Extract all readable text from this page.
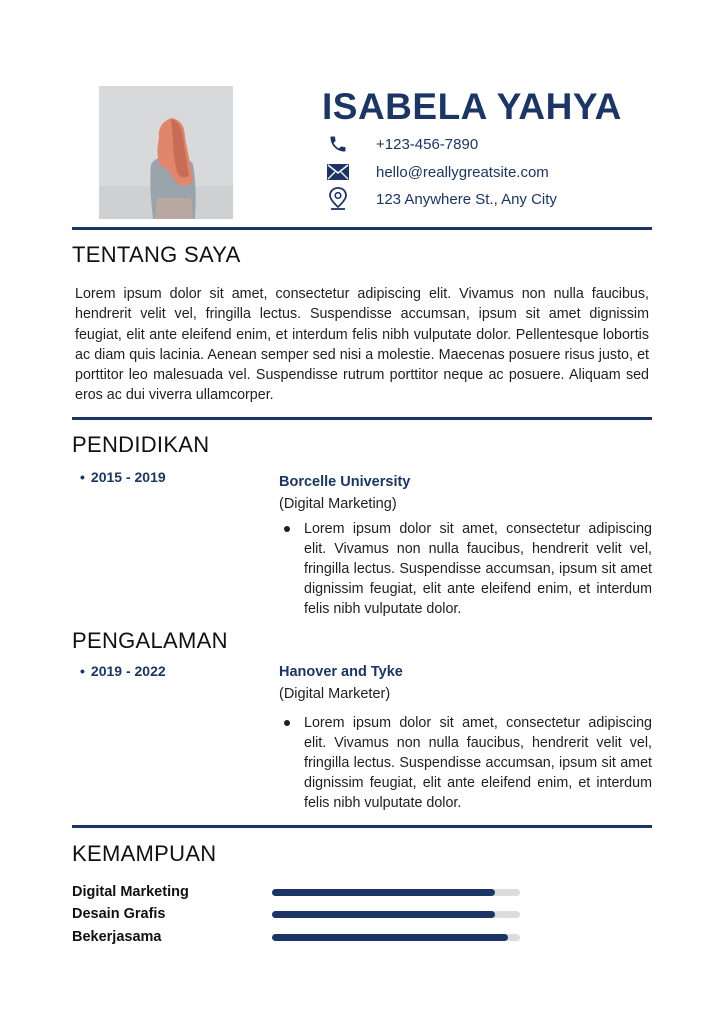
ISABELA YAHYA
+123-456-7890
hello@reallygreatsite.com
123 Anywhere St., Any City
TENTANG SAYA
Lorem ipsum dolor sit amet, consectetur adipiscing elit. Vivamus non nulla faucibus, hendrerit velit vel, fringilla lectus. Suspendisse accumsan, ipsum sit amet dignissim feugiat, elit ante eleifend enim, et interdum felis nibh vulputate dolor. Pellentesque lobortis ac diam quis lacinia. Aenean semper sed nisi a molestie. Maecenas posuere risus justo, et porttitor leo malesuada vel. Suspendisse rutrum porttitor neque ac posuere. Aliquam sed eros ac dui viverra ullamcorper.
PENDIDIKAN
• 2015 - 2019	Borcelle University
(Digital Marketing)
Lorem ipsum dolor sit amet, consectetur adipiscing elit. Vivamus non nulla faucibus, hendrerit velit vel, fringilla lectus. Suspendisse accumsan, ipsum sit amet dignissim feugiat, elit ante eleifend enim, et interdum felis nibh vulputate dolor.
PENGALAMAN
• 2019 - 2022	Hanover and Tyke
(Digital Marketer)
Lorem ipsum dolor sit amet, consectetur adipiscing elit. Vivamus non nulla faucibus, hendrerit velit vel, fringilla lectus. Suspendisse accumsan, ipsum sit amet dignissim feugiat, elit ante eleifend enim, et interdum felis nibh vulputate dolor.
KEMAMPUAN
Digital Marketing
Desain Grafis
Bekerjasama
